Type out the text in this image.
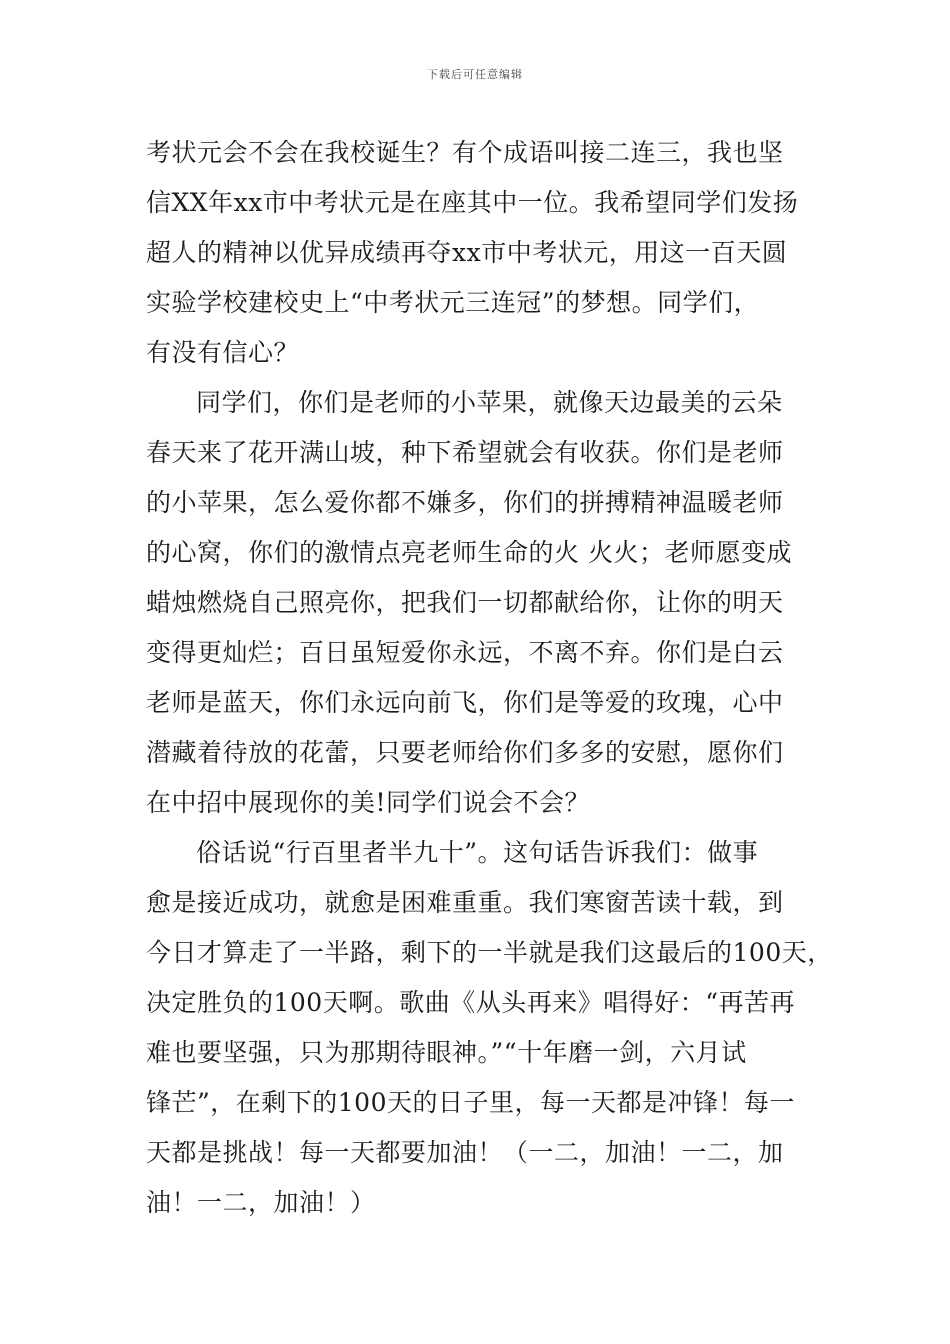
下载后可任意编辑
考状元会不会在我校诞生？有个成语叫接二连三，我也坚
信XX年xx市中考状元是在座其中一位。我希望同学们发扬
超人的精神以优异成绩再夺xx市中考状元，用这一百天圆
实验学校建校史上“中考状元三连冠”的梦想。同学们，
有没有信心？
同学们，你们是老师的小苹果，就像天边最美的云朵
春天来了花开满山坡，种下希望就会有收获。你们是老师
的小苹果，怎么爱你都不嫌多，你们的拼搏精神温暖老师
的心窝，你们的激情点亮老师生命的火 火火；老师愿变成
蜡烛燃烧自己照亮你，把我们一切都献给你，让你的明天
变得更灿烂；百日虽短爱你永远，不离不弃。你们是白云
老师是蓝天，你们永远向前飞，你们是等爱的玫瑰，心中
潜藏着待放的花蕾，只要老师给你们多多的安慰，愿你们
在中招中展现你的美!同学们说会不会？
俗话说“行百里者半九十”。这句话告诉我们：做事
愈是接近成功，就愈是困难重重。我们寒窗苦读十载，到
今日才算走了一半路，剩下的一半就是我们这最后的100天，
决定胜负的100天啊。歌曲《从头再来》唱得好：“再苦再
难也要坚强，只为那期待眼神。”“十年磨一剑，六月试
锋芒”，在剩下的100天的日子里，每一天都是冲锋！每一
天都是挑战！每一天都要加油！（一二，加油！一二，加
油！一二，加油！）
